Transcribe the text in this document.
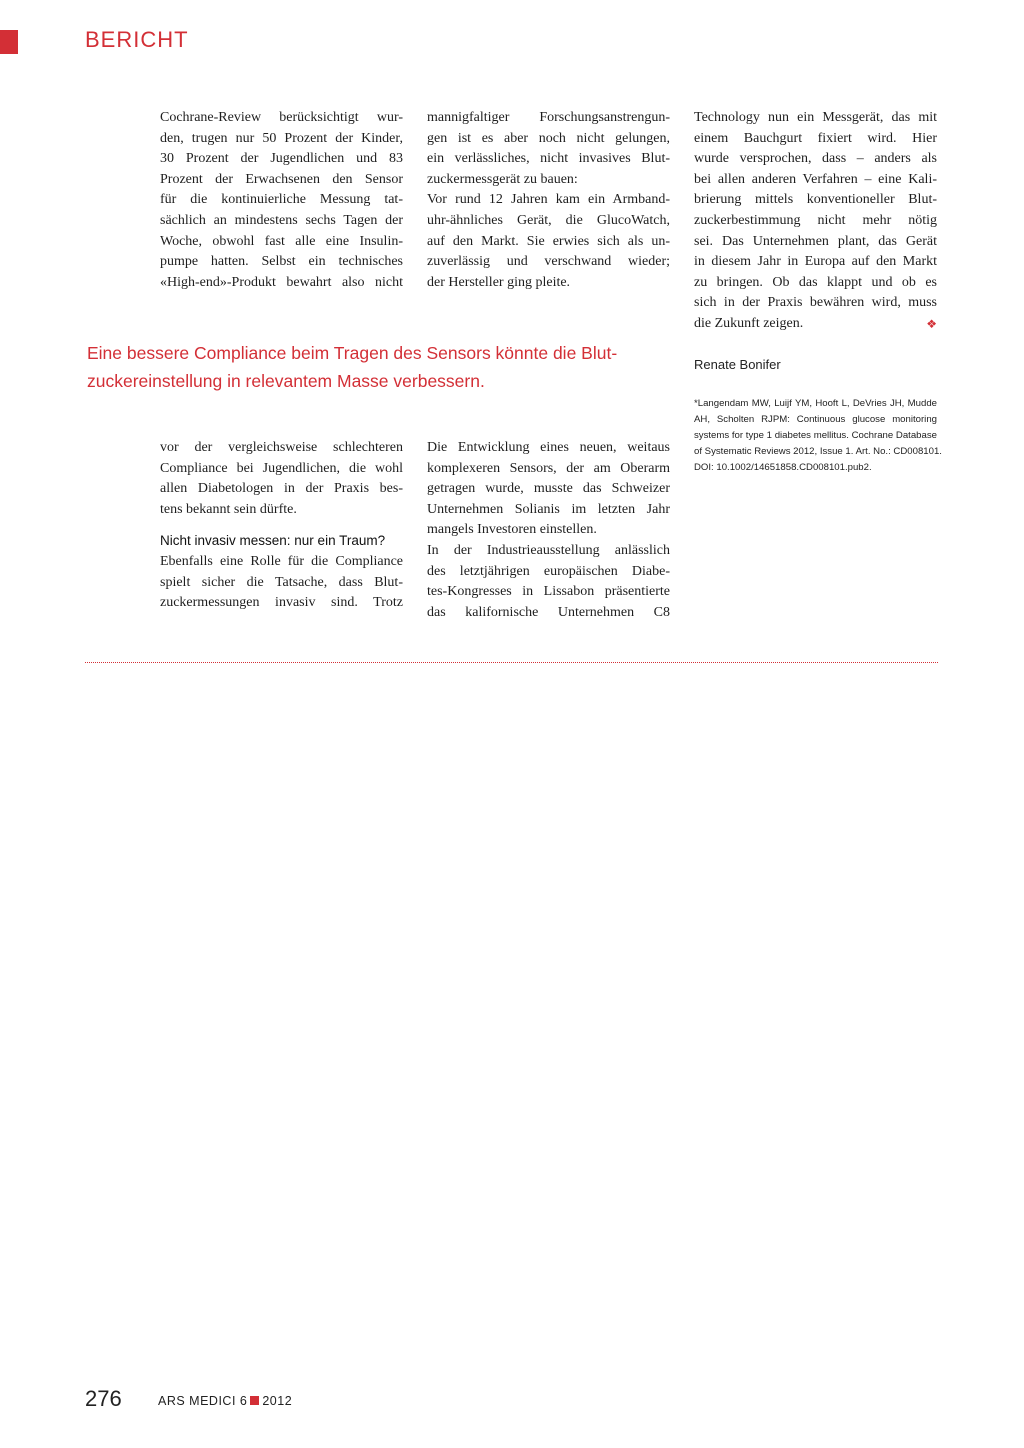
BERICHT
Cochrane-Review berücksichtigt wur-
den, trugen nur 50 Prozent der Kinder,
30 Prozent der Jugendlichen und 83
Prozent der Erwachsenen den Sensor
für die kontinuierliche Messung tat-
sächlich an mindestens sechs Tagen der
Woche, obwohl fast alle eine Insulin-
pumpe hatten. Selbst ein technisches
«High-end»-Produkt bewahrt also nicht
mannigfaltiger Forschungsanstrengun-
gen ist es aber noch nicht gelungen,
ein verlässliches, nicht invasives Blut-
zuckermessgerät zu bauen:
Vor rund 12 Jahren kam ein Armband-
uhr-ähnliches Gerät, die GlucoWatch,
auf den Markt. Sie erwies sich als un-
zuverlässig und verschwand wieder;
der Hersteller ging pleite.
Technology nun ein Messgerät, das mit
einem Bauchgurt fixiert wird. Hier
wurde versprochen, dass – anders als
bei allen anderen Verfahren – eine Kali-
brierung mittels konventioneller Blut-
zuckerbestimmung nicht mehr nötig
sei. Das Unternehmen plant, das Gerät
in diesem Jahr in Europa auf den Markt
zu bringen. Ob das klappt und ob es
sich in der Praxis bewähren wird, muss
die Zukunft zeigen.	❖
Eine bessere Compliance beim Tragen des Sensors könnte die Blut-
zuckereinstellung in relevantem Masse verbessern.
Renate Bonifer
*Langendam MW, Luijf YM, Hooft L, DeVries JH, Mudde
AH, Scholten RJPM: Continuous glucose monitoring
systems for type 1 diabetes mellitus. Cochrane Database
of Systematic Reviews 2012, Issue 1. Art. No.: CD008101.
DOI: 10.1002/14651858.CD008101.pub2.
vor der vergleichsweise schlechteren
Compliance bei Jugendlichen, die wohl
allen Diabetologen in der Praxis bes-
tens bekannt sein dürfte.
Nicht invasiv messen: nur ein Traum?
Ebenfalls eine Rolle für die Compliance
spielt sicher die Tatsache, dass Blut-
zuckermessungen invasiv sind. Trotz
Die Entwicklung eines neuen, weitaus
komplexeren Sensors, der am Oberarm
getragen wurde, musste das Schweizer
Unternehmen Solianis im letzten Jahr
mangels Investoren einstellen.
In der Industrieausstellung anlässlich
des letztjährigen europäischen Diabe-
tes-Kongresses in Lissabon präsentierte
das kalifornische Unternehmen C8
276	ARS MEDICI 6 2012
